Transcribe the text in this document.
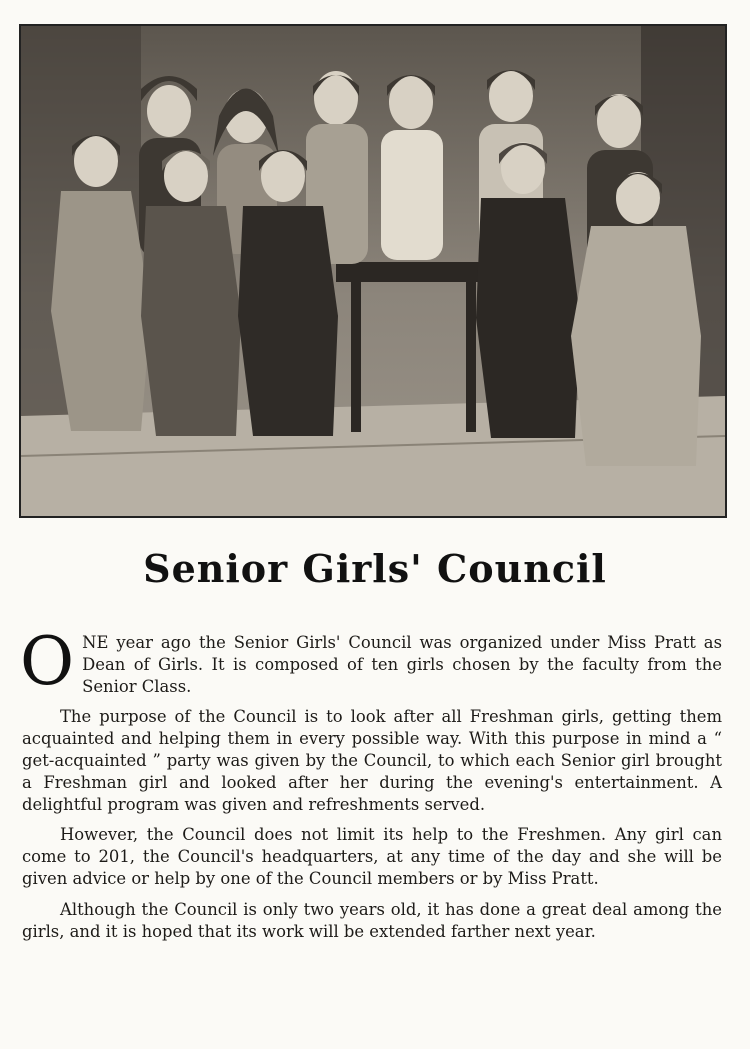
Senior Girls' Council

ONE year ago the Senior Girls' Council was organized under Miss Pratt as Dean of Girls. It is composed of ten girls chosen by the faculty from the Senior Class.

The purpose of the Council is to look after all Freshman girls, getting them acquainted and helping them in every possible way. With this purpose in mind a “ get-acquainted ” party was given by the Council, to which each Senior girl brought a Freshman girl and looked after her during the evening's entertainment. A delightful program was given and refreshments served.

However, the Council does not limit its help to the Freshmen. Any girl can come to 201, the Council's headquarters, at any time of the day and she will be given advice or help by one of the Council members or by Miss Pratt.

Although the Council is only two years old, it has done a great deal among the girls, and it is hoped that its work will be extended farther next year.
